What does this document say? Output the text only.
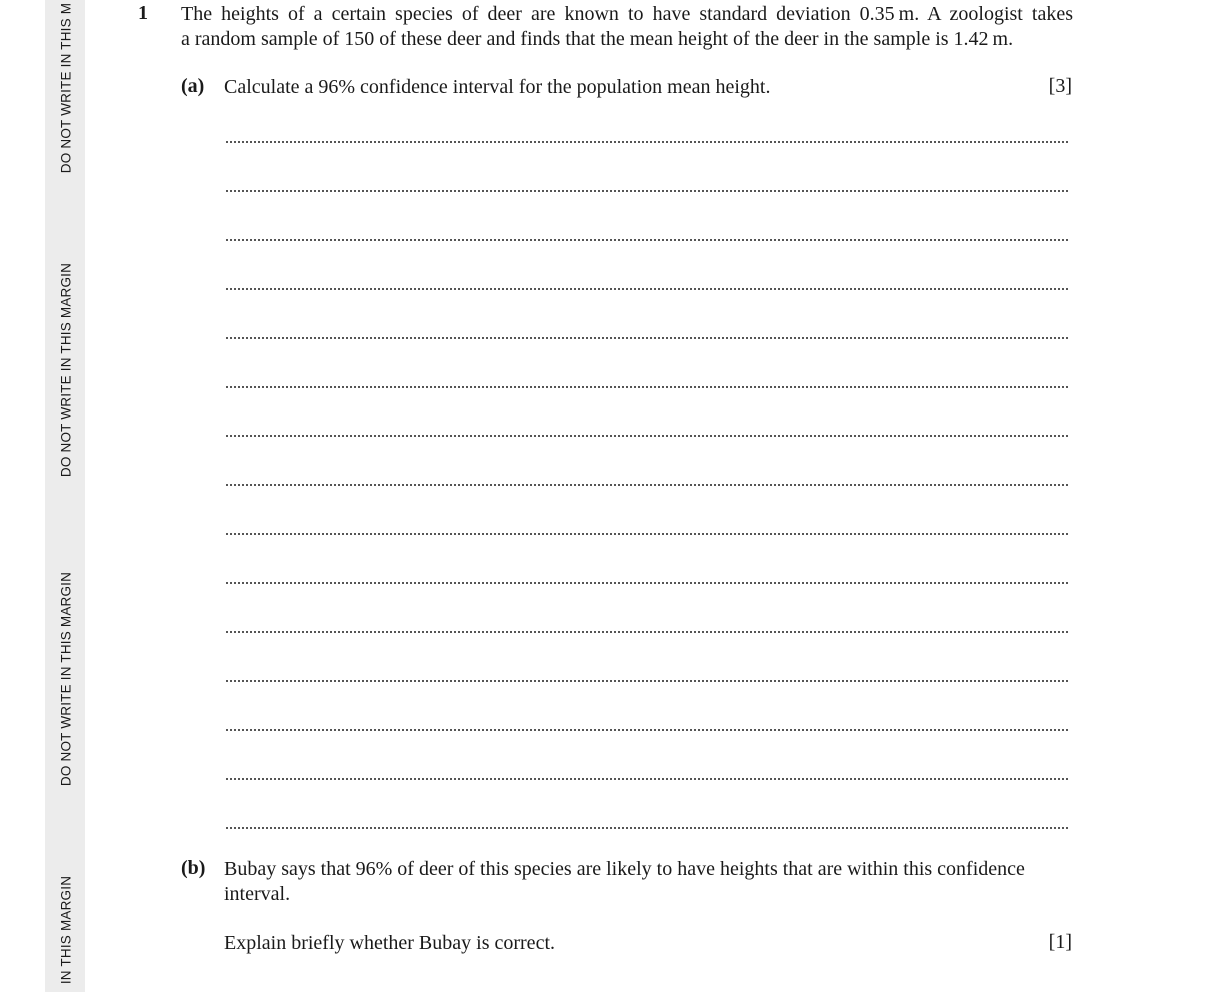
DO NOT WRITE IN THIS M
DO NOT WRITE IN THIS MARGIN
DO NOT WRITE IN THIS MARGIN
IN THIS MARGIN
1 The heights of a certain species of deer are known to have standard deviation 0.35 m. A zoologist takes
a random sample of 150 of these deer and finds that the mean height of the deer in the sample is 1.42 m.
(a) Calculate a 96% confidence interval for the population mean height.	[3]
(b) Bubay says that 96% of deer of this species are likely to have heights that are within this confidence
interval.
Explain briefly whether Bubay is correct.	[1]
